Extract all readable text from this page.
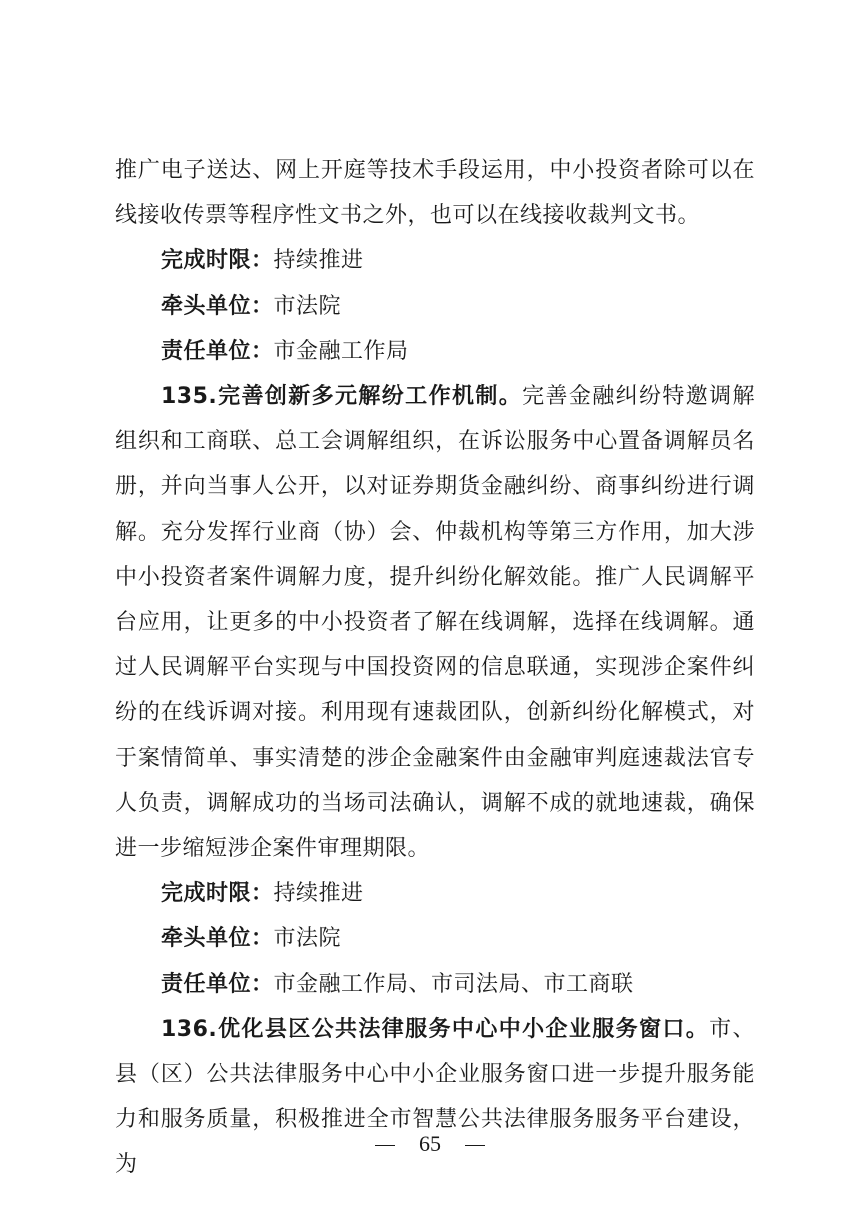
推广电子送达、网上开庭等技术手段运用，中小投资者除可以在线接收传票等程序性文书之外，也可以在线接收裁判文书。

完成时限：持续推进

牵头单位：市法院

责任单位：市金融工作局

135.完善创新多元解纷工作机制。完善金融纠纷特邀调解组织和工商联、总工会调解组织，在诉讼服务中心置备调解员名册，并向当事人公开，以对证券期货金融纠纷、商事纠纷进行调解。充分发挥行业商（协）会、仲裁机构等第三方作用，加大涉中小投资者案件调解力度，提升纠纷化解效能。推广人民调解平台应用，让更多的中小投资者了解在线调解，选择在线调解。通过人民调解平台实现与中国投资网的信息联通，实现涉企案件纠纷的在线诉调对接。利用现有速裁团队，创新纠纷化解模式，对于案情简单、事实清楚的涉企金融案件由金融审判庭速裁法官专人负责，调解成功的当场司法确认，调解不成的就地速裁，确保进一步缩短涉企案件审理期限。

完成时限：持续推进

牵头单位：市法院

责任单位：市金融工作局、市司法局、市工商联

136.优化县区公共法律服务中心中小企业服务窗口。市、县（区）公共法律服务中心中小企业服务窗口进一步提升服务能力和服务质量，积极推进全市智慧公共法律服务服务平台建设，为

65
